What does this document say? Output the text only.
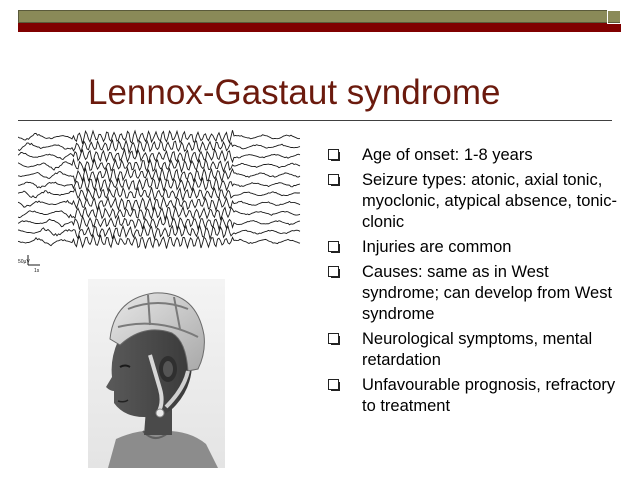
Lennox-Gastaut syndrome
50µV
1s
Age of onset: 1-8 years
Seizure types: atonic, axial tonic, myoclonic, atypical absence, tonic-clonic
Injuries are common
Causes: same as in West syndrome; can develop from West syndrome
Neurological symptoms, mental retardation
Unfavourable prognosis, refractory to treatment
